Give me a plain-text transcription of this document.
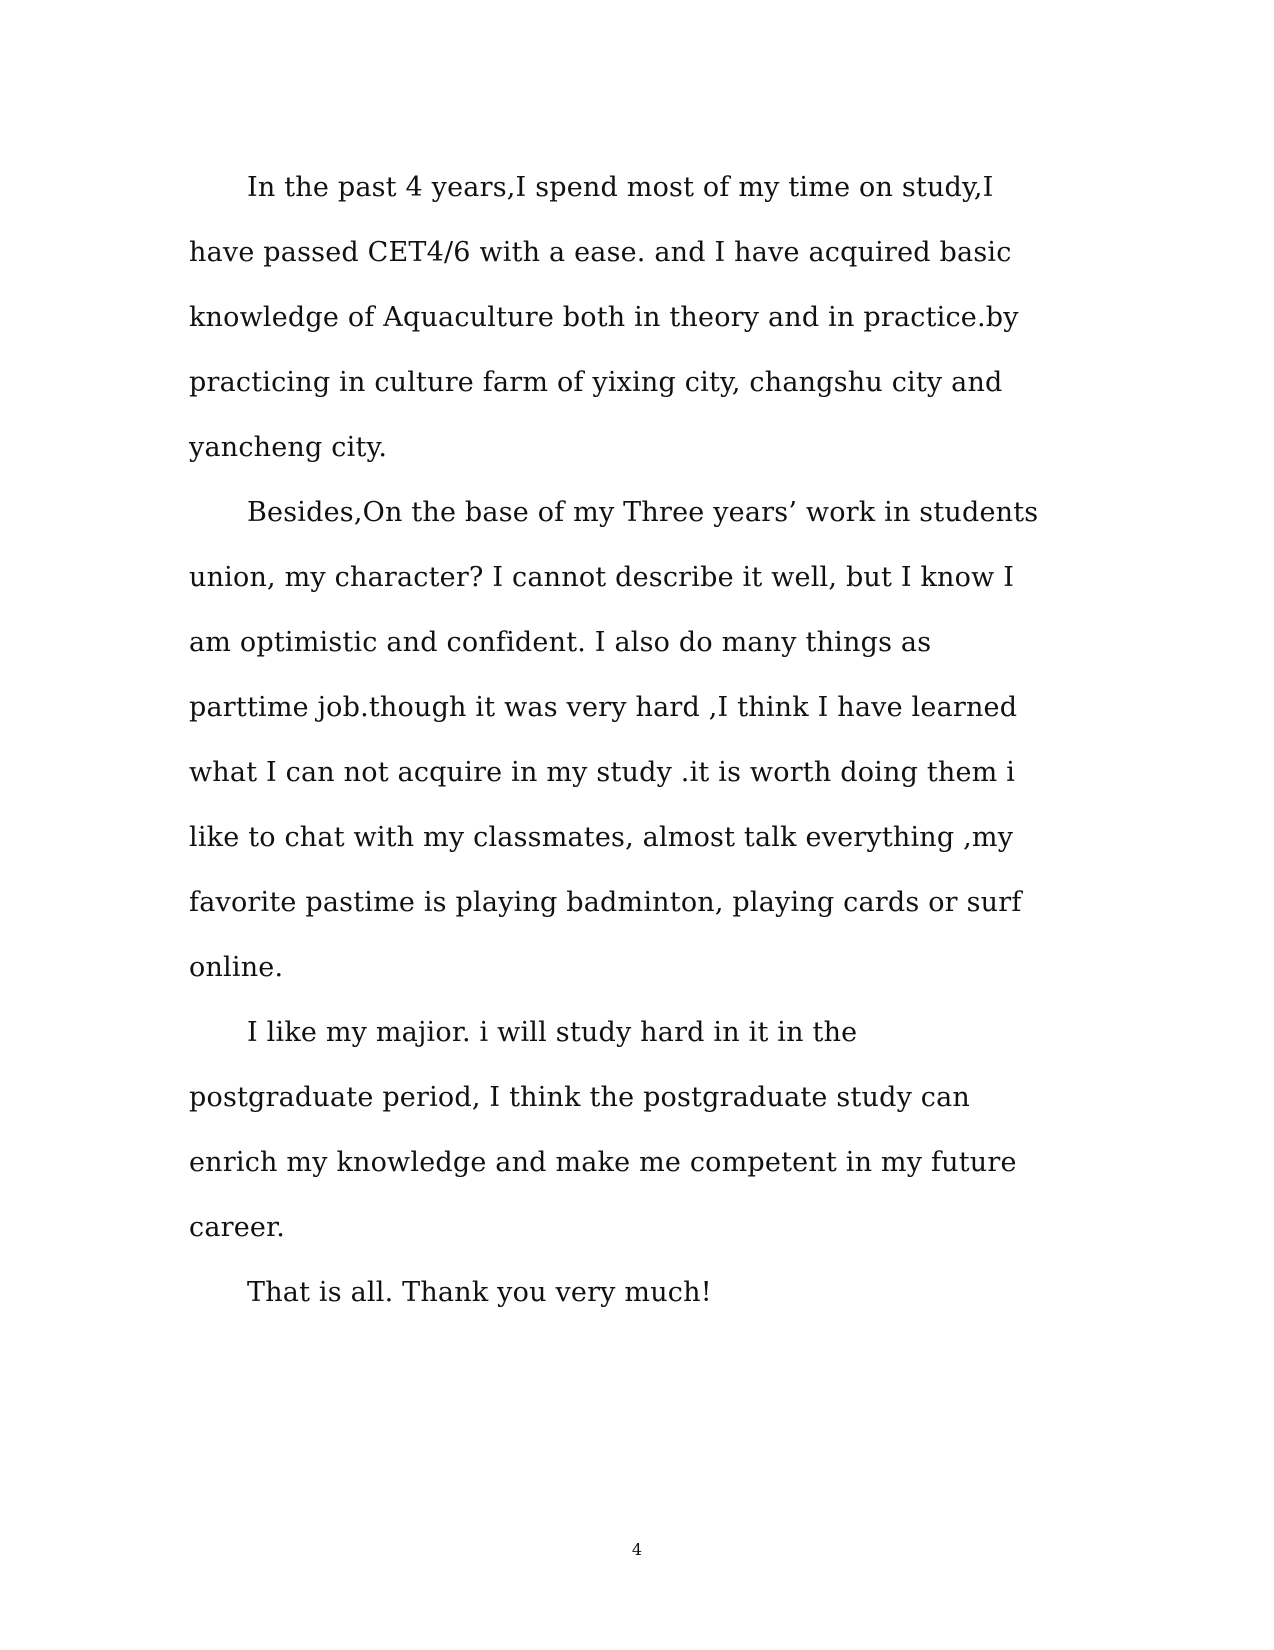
In the past 4 years,I spend most of my time on study,I
have passed CET4/6 with a ease. and I have acquired basic
knowledge of Aquaculture both in theory and in practice.by
practicing in culture farm of yixing city, changshu city and
yancheng city.
Besides,On the base of my Three years’ work in students
union, my character? I cannot describe it well, but I know I
am optimistic and confident. I also do many things as
parttime job.though it was very hard ,I think I have learned
what I can not acquire in my study .it is worth doing them i
like to chat with my classmates, almost talk everything ,my
favorite pastime is playing badminton, playing cards or surf
online.
I like my majior. i will study hard in it in the
postgraduate period, I think the postgraduate study can
enrich my knowledge and make me competent in my future
career.
That is all. Thank you very much!
4
